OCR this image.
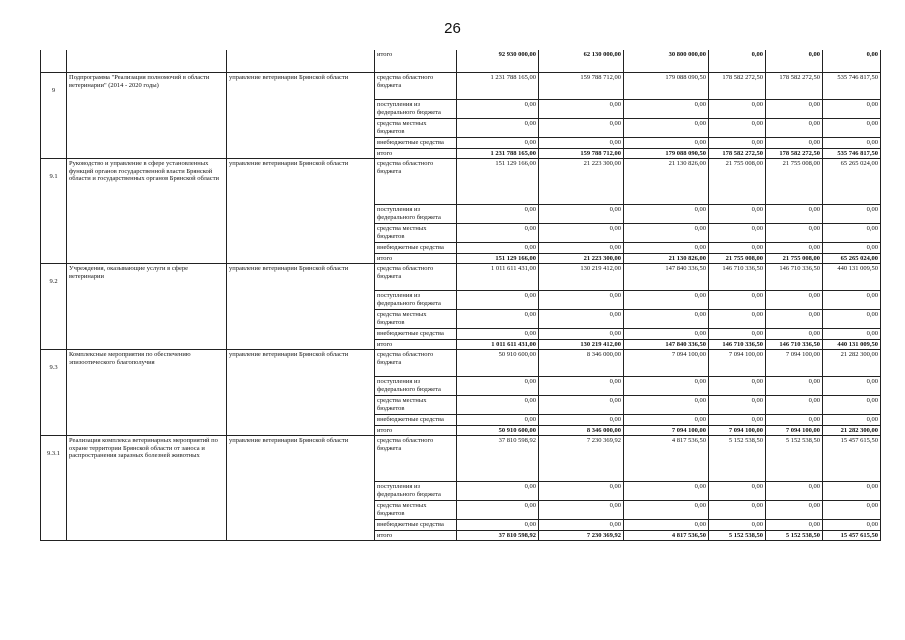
26
			итого	92 930 000,00	62 130 000,00	30 800 000,00	0,00	0,00	0,00
9	Подпрограмма "Реализация полномочий в области ветеринарии" (2014 - 2020 годы)	управление ветеринарии Брянской области	средства областного бюджета	1 231 788 165,00	159 788 712,00	179 088 090,50	178 582 272,50	178 582 272,50	535 746 817,50
			поступления из федерального бюджета	0,00	0,00	0,00	0,00	0,00	0,00
			средства местных бюджетов	0,00	0,00	0,00	0,00	0,00	0,00
			внебюджетные средства	0,00	0,00	0,00	0,00	0,00	0,00
			итого	1 231 788 165,00	159 788 712,00	179 088 090,50	178 582 272,50	178 582 272,50	535 746 817,50
9.1	Руководство и управление в сфере установленных функций органов государственной власти Брянской области и государственных органов Брянской области	управление ветеринарии Брянской области	средства областного бюджета	151 129 166,00	21 223 300,00	21 130 826,00	21 755 008,00	21 755 008,00	65 265 024,00
			поступления из федерального бюджета	0,00	0,00	0,00	0,00	0,00	0,00
			средства местных бюджетов	0,00	0,00	0,00	0,00	0,00	0,00
			внебюджетные средства	0,00	0,00	0,00	0,00	0,00	0,00
			итого	151 129 166,00	21 223 300,00	21 130 826,00	21 755 008,00	21 755 008,00	65 265 024,00
9.2	Учреждения, оказывающие услуги в сфере ветеринарии	управление ветеринарии Брянской области	средства областного бюджета	1 011 611 431,00	130 219 412,00	147 840 336,50	146 710 336,50	146 710 336,50	440 131 009,50
			поступления из федерального бюджета	0,00	0,00	0,00	0,00	0,00	0,00
			средства местных бюджетов	0,00	0,00	0,00	0,00	0,00	0,00
			внебюджетные средства	0,00	0,00	0,00	0,00	0,00	0,00
			итого	1 011 611 431,00	130 219 412,00	147 840 336,50	146 710 336,50	146 710 336,50	440 131 009,50
9.3	Комплексные мероприятия по обеспечению эпизоотического благополучия	управление ветеринарии Брянской области	средства областного бюджета	50 910 600,00	8 346 000,00	7 094 100,00	7 094 100,00	7 094 100,00	21 282 300,00
			поступления из федерального бюджета	0,00	0,00	0,00	0,00	0,00	0,00
			средства местных бюджетов	0,00	0,00	0,00	0,00	0,00	0,00
			внебюджетные средства	0,00	0,00	0,00	0,00	0,00	0,00
			итого	50 910 600,00	8 346 000,00	7 094 100,00	7 094 100,00	7 094 100,00	21 282 300,00
9.3.1	Реализация комплекса ветеринарных мероприятий по охране территории Брянской области от заноса и распространения заразных болезней животных	управление ветеринарии Брянской области	средства областного бюджета	37 810 598,92	7 230 369,92	4 817 536,50	5 152 538,50	5 152 538,50	15 457 615,50
			поступления из федерального бюджета	0,00	0,00	0,00	0,00	0,00	0,00
			средства местных бюджетов	0,00	0,00	0,00	0,00	0,00	0,00
			внебюджетные средства	0,00	0,00	0,00	0,00	0,00	0,00
			итого	37 810 598,92	7 230 369,92	4 817 536,50	5 152 538,50	5 152 538,50	15 457 615,50
